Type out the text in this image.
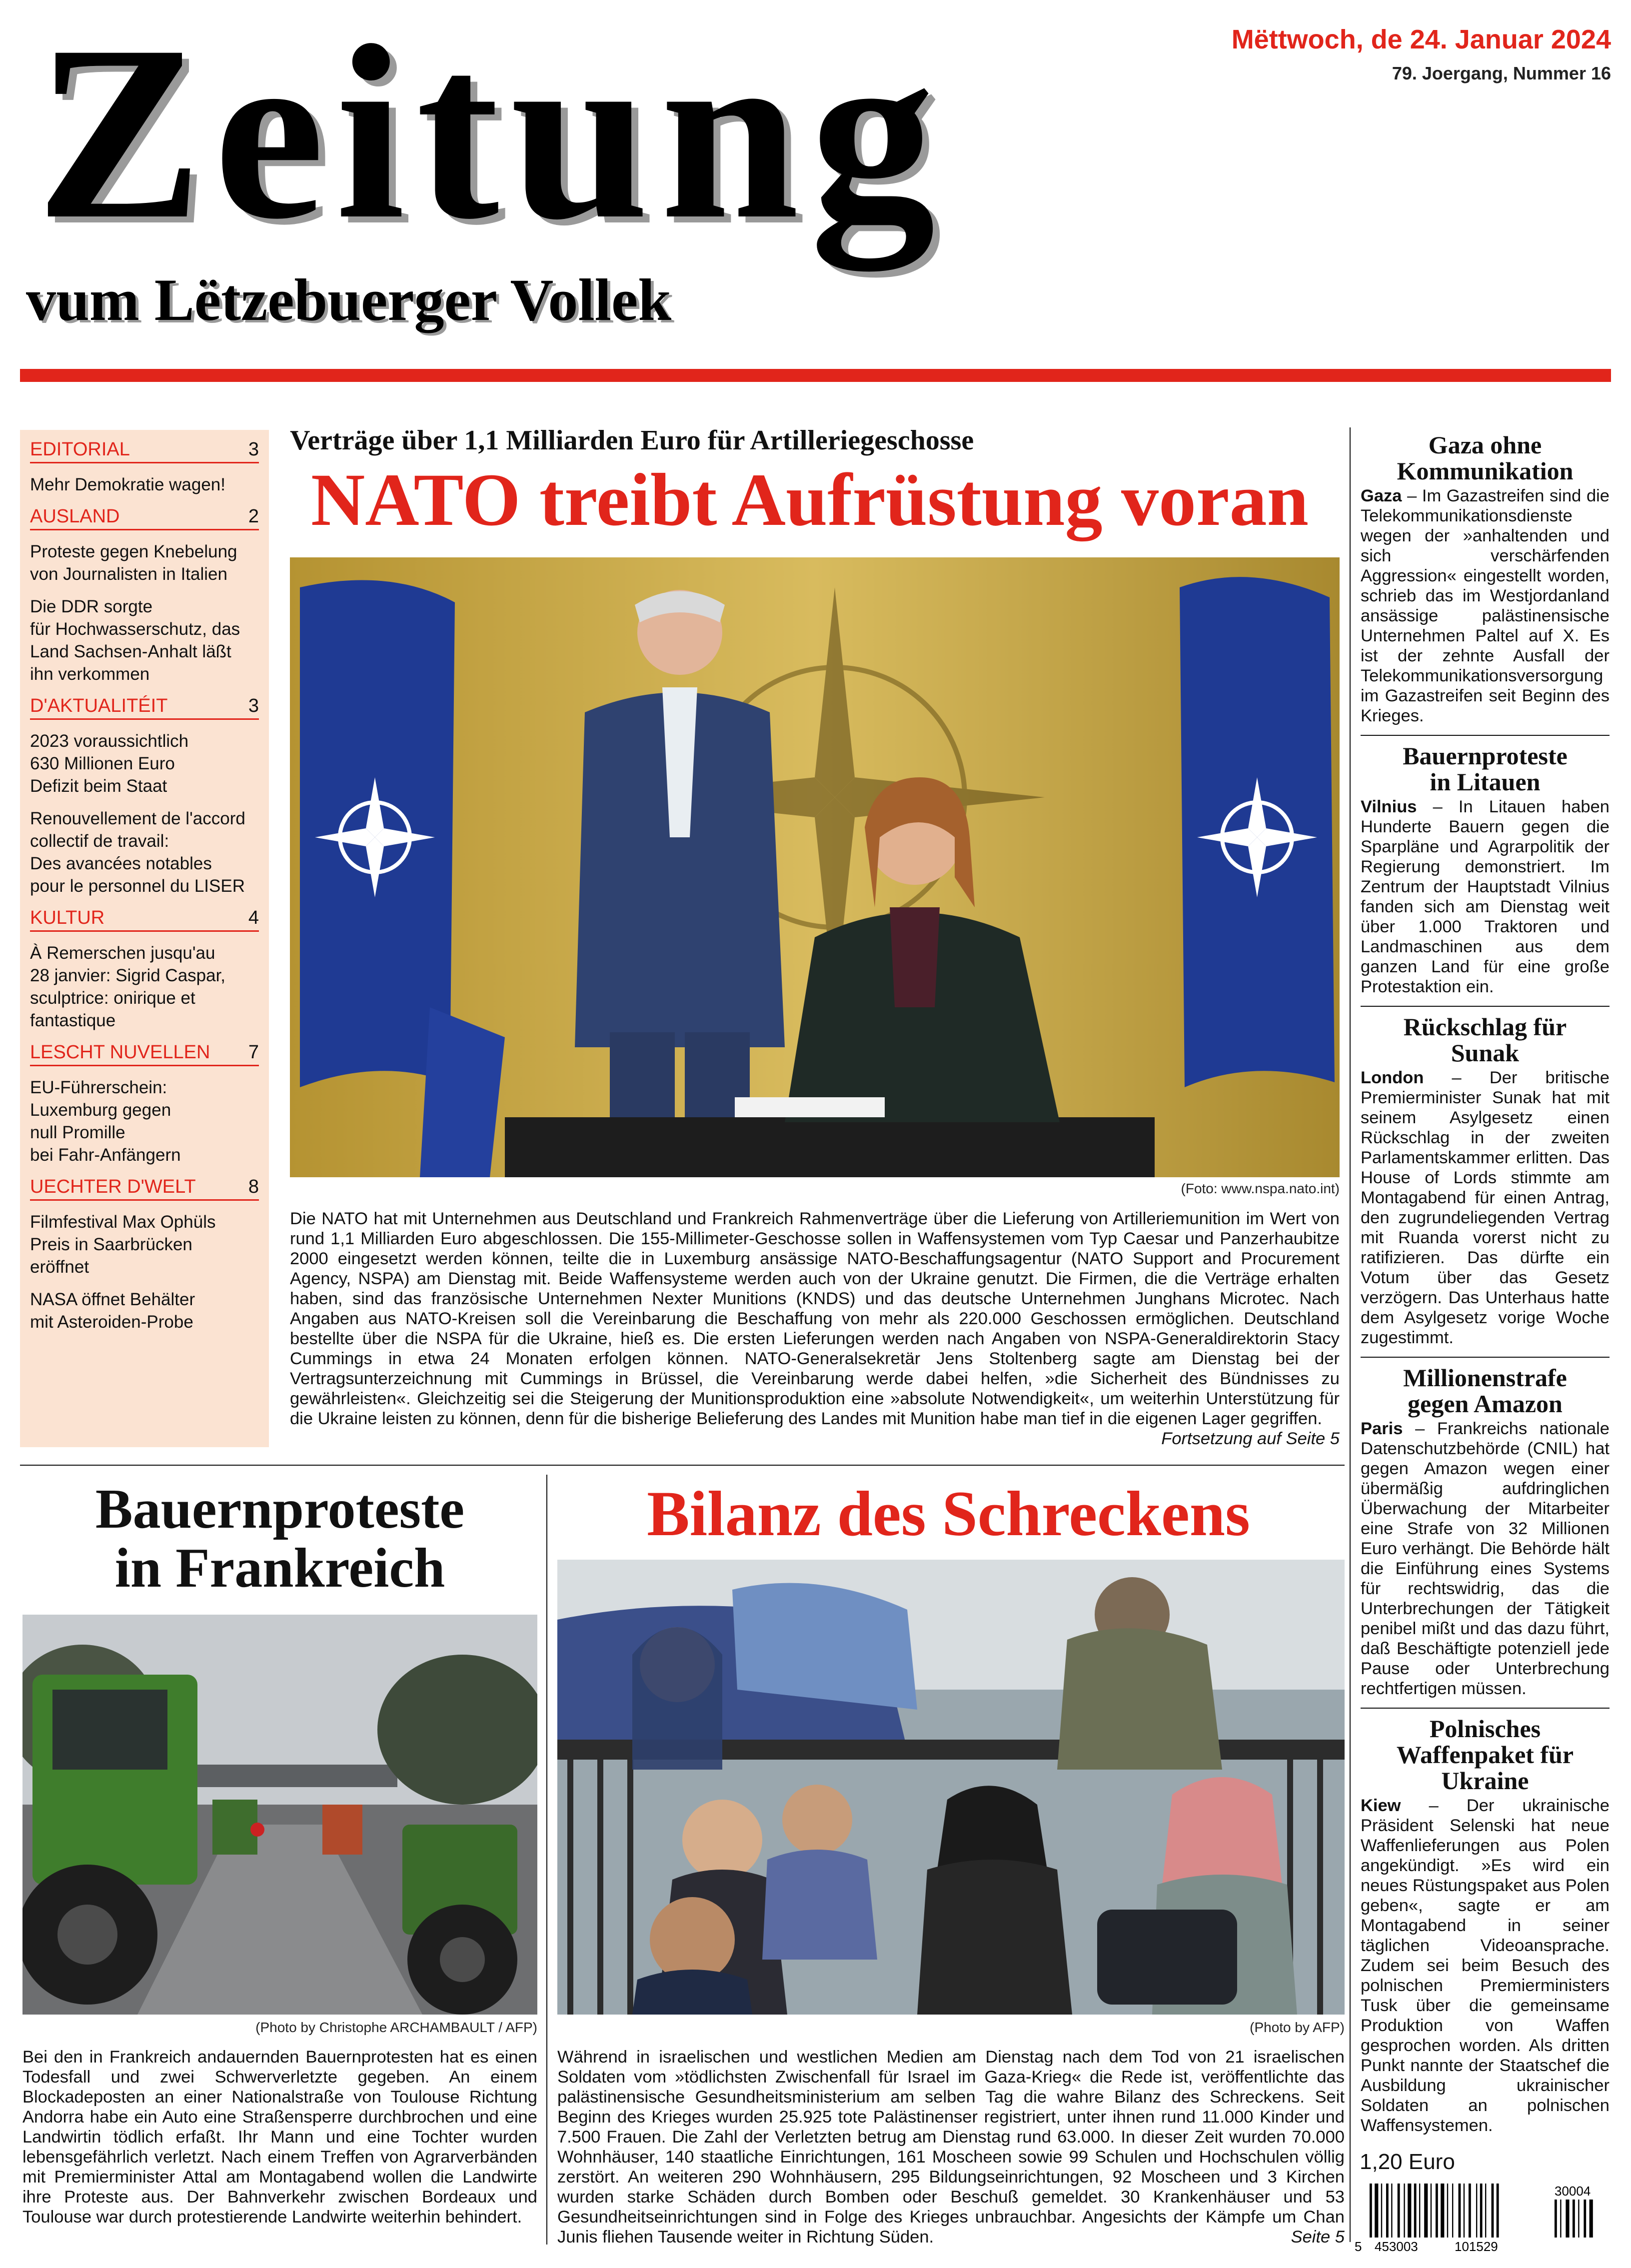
Zeitung
vum Lëtzebuerger Vollek
Mëttwoch, de 24. Januar 2024
79. Joergang, Nummer 16
EDITORIAL	3
Mehr Demokratie wagen!
AUSLAND	2
Proteste gegen Knebelung
von Journalisten in Italien
Die DDR sorgte
für Hochwasserschutz, das
Land Sachsen-Anhalt läßt
ihn verkommen
D'AKTUALITÉIT	3
2023 voraussichtlich
630 Millionen Euro
Defizit beim Staat
Renouvellement de l'accord
collectif de travail:
Des avancées notables
pour le personnel du LISER
KULTUR	4
À Remerschen jusqu'au
28 janvier: Sigrid Caspar,
sculptrice: onirique et
fantastique
LESCHT NUVELLEN 7
EU-Führerschein:
Luxemburg gegen
null Promille
bei Fahr-Anfängern
UECHTER D'WELT	8
Filmfestival Max Ophüls
Preis in Saarbrücken
eröffnet
NASA öffnet Behälter
mit Asteroiden-Probe
Verträge über 1,1 Milliarden Euro für Artilleriegeschosse
NATO treibt Aufrüstung voran
(Foto: www.nspa.nato.int)
Die NATO hat mit Unternehmen aus Deutschland und Frankreich Rahmenverträge über die Lieferung von Artilleriemunition im Wert von rund 1,1 Milliarden Euro abgeschlossen. Die 155-Millimeter-Geschosse sollen in Waffensystemen vom Typ Caesar und Panzerhaubitze 2000 eingesetzt werden können, teilte die in Luxemburg ansässige NATO-Beschaffungsagentur (NATO Support and Procurement Agency, NSPA) am Dienstag mit. Beide Waffensysteme werden auch von der Ukraine genutzt. Die Firmen, die die Verträge erhalten haben, sind das französische Unternehmen Nexter Munitions (KNDS) und das deutsche Unternehmen Junghans Microtec. Nach Angaben aus NATO-Kreisen soll die Vereinbarung die Beschaffung von mehr als 220.000 Geschossen ermöglichen. Deutschland bestellte über die NSPA für die Ukraine, hieß es. Die ersten Lieferungen werden nach Angaben von NSPA-Generaldirektorin Stacy Cummings in etwa 24 Monaten erfolgen können. NATO-Generalsekretär Jens Stoltenberg sagte am Dienstag bei der Vertragsunterzeichnung mit Cummings in Brüssel, die Vereinbarung werde dabei helfen, »die Sicherheit des Bündnisses zu gewährleisten«. Gleichzeitig sei die Steigerung der Munitionsproduktion eine »absolute Notwendigkeit«, um weiterhin Unterstützung für die Ukraine leisten zu können, denn für die bisherige Belieferung des Landes mit Munition habe man tief in die eigenen Lager gegriffen.
Fortsetzung auf Seite 5
Gaza ohne
Kommunikation
Gaza – Im Gazastreifen sind die Telekommunikationsdienste wegen der »anhaltenden und sich verschärfenden Aggression« eingestellt worden, schrieb das im Westjordanland ansässige palästinensische Unternehmen Paltel auf X. Es ist der zehnte Ausfall der Telekommunikationsversorgung im Gazastreifen seit Beginn des Krieges.
Bauernproteste
in Litauen
Vilnius – In Litauen haben Hunderte Bauern gegen die Sparpläne und Agrarpolitik der Regierung demonstriert. Im Zentrum der Hauptstadt Vilnius fanden sich am Dienstag weit über 1.000 Traktoren und Landmaschinen aus dem ganzen Land für eine große Protestaktion ein.
Rückschlag für
Sunak
London – Der britische Premierminister Sunak hat mit seinem Asylgesetz einen Rückschlag in der zweiten Parlamentskammer erlitten. Das House of Lords stimmte am Montagabend für einen Antrag, den zugrundeliegenden Vertrag mit Ruanda vorerst nicht zu ratifizieren. Das dürfte ein Votum über das Gesetz verzögern. Das Unterhaus hatte dem Asylgesetz vorige Woche zugestimmt.
Millionenstrafe
gegen Amazon
Paris – Frankreichs nationale Datenschutzbehörde (CNIL) hat gegen Amazon wegen einer übermäßig aufdringlichen Überwachung der Mitarbeiter eine Strafe von 32 Millionen Euro verhängt. Die Behörde hält die Einführung eines Systems für rechtswidrig, das die Unterbrechungen der Tätigkeit penibel mißt und das dazu führt, daß Beschäftigte potenziell jede Pause oder Unterbrechung rechtfertigen müssen.
Polnisches
Waffenpaket für
Ukraine
Kiew – Der ukrainische Präsident Selenski hat neue Waffenlieferungen aus Polen angekündigt. »Es wird ein neues Rüstungspaket aus Polen geben«, sagte er am Montagabend in seiner täglichen Videoansprache. Zudem sei beim Besuch des polnischen Premierministers Tusk über die gemeinsame Produktion von Waffen gesprochen worden. Als dritten Punkt nannte der Staatschef die Ausbildung ukrainischer Soldaten an polnischen Waffensystemen.
Bauernproteste
in Frankreich
(Photo by Christophe ARCHAMBAULT / AFP)
Bei den in Frankreich andauernden Bauernprotesten hat es einen Todesfall und zwei Schwerverletzte gegeben. An einem Blockadeposten an einer Nationalstraße von Toulouse Richtung Andorra habe ein Auto eine Straßensperre durchbrochen und eine Landwirtin tödlich erfaßt. Ihr Mann und eine Tochter wurden lebensgefährlich verletzt. Nach einem Treffen von Agrarverbänden mit Premierminister Attal am Montagabend wollen die Landwirte ihre Proteste aus. Der Bahnverkehr zwischen Bordeaux und Toulouse war durch protestierende Landwirte weiterhin behindert.
Bilanz des Schreckens
(Photo by AFP)
Während in israelischen und westlichen Medien am Dienstag nach dem Tod von 21 israelischen Soldaten vom »tödlichsten Zwischenfall für Israel im Gaza-Krieg« die Rede ist, veröffentlichte das palästinensische Gesundheitsministerium am selben Tag die wahre Bilanz des Schreckens. Seit Beginn des Krieges wurden 25.925 tote Palästinenser registriert, unter ihnen rund 11.000 Kinder und 7.500 Frauen. Die Zahl der Verletzten betrug am Dienstag rund 63.000. In dieser Zeit wurden 70.000 Wohnhäuser, 140 staatliche Einrichtungen, 161 Moscheen sowie 99 Schulen und Hochschulen völlig zerstört. An weiteren 290 Wohnhäusern, 295 Bildungseinrichtungen, 92 Moscheen und 3 Kirchen wurden starke Schäden durch Bomben oder Beschuß gemeldet. 30 Krankenhäuser und 53 Gesundheitseinrichtungen sind in Folge des Krieges unbrauchbar. Angesichts der Kämpfe um Chan Junis fliehen Tausende weiter in Richtung Süden.	Seite 5
1,20 Euro
5 453003	101529
30004
